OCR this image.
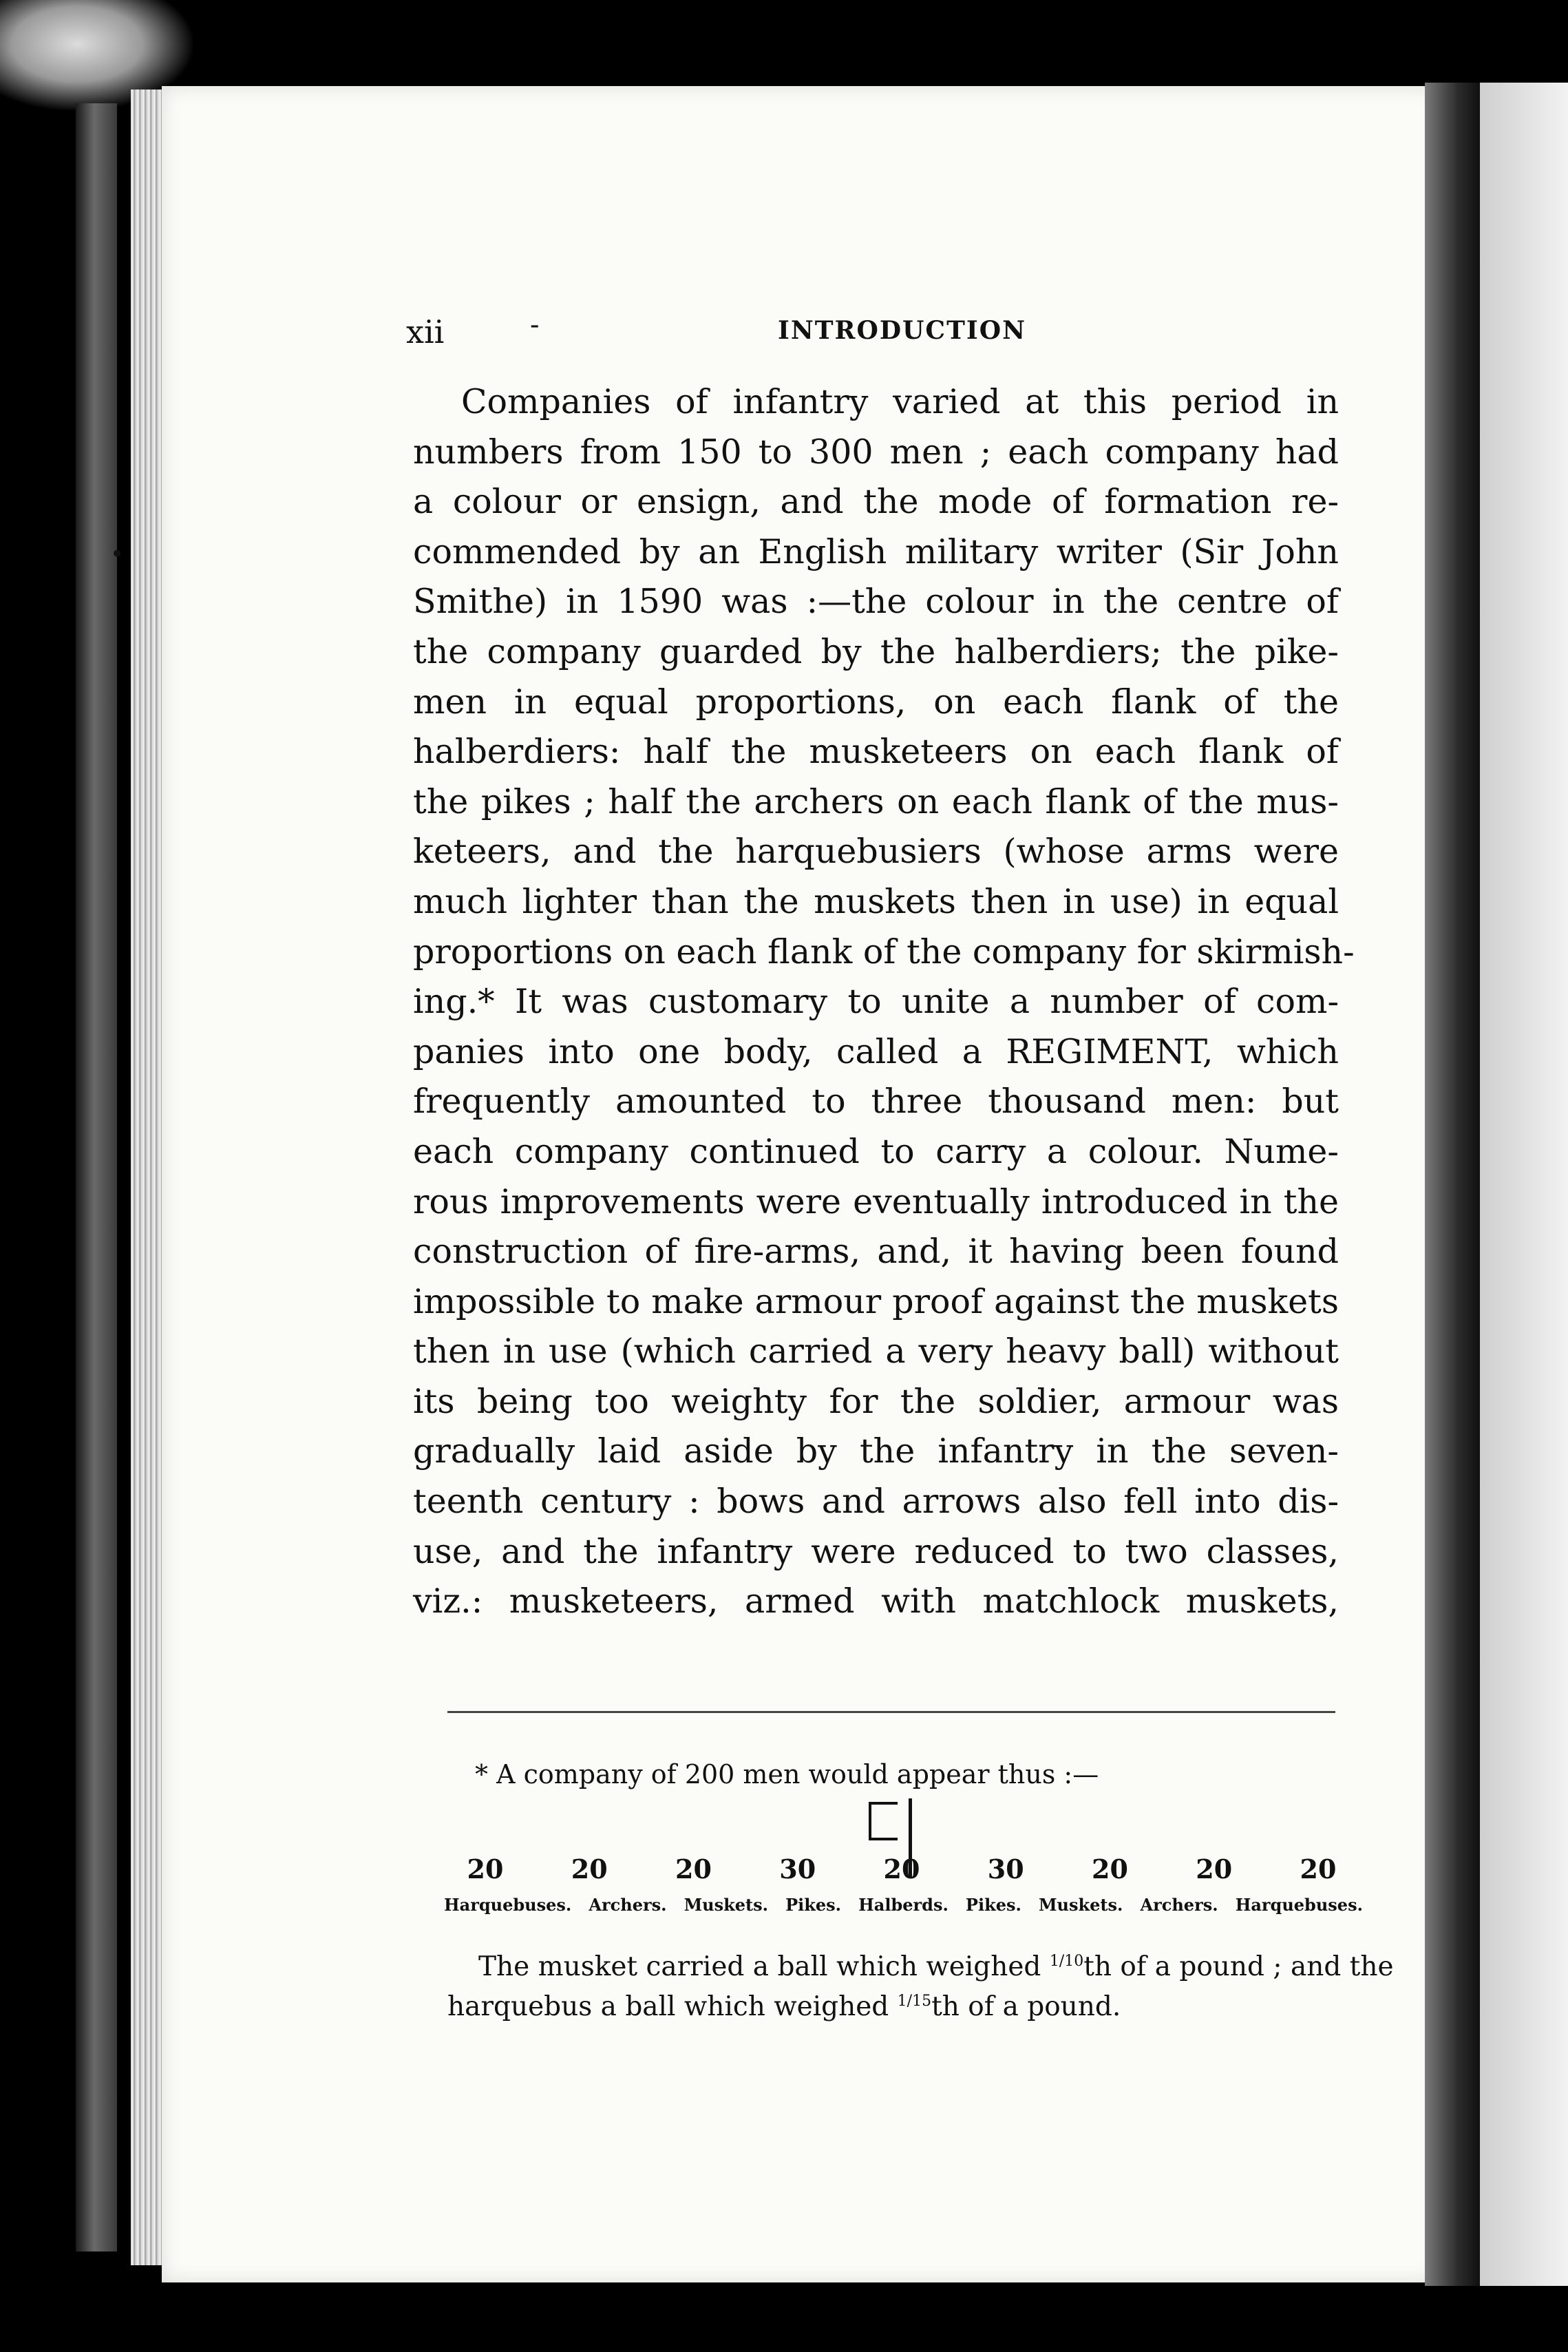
•
xii	-	INTRODUCTION
Companies of infantry varied at this period in
numbers from 150 to 300 men ; each company had
a colour or ensign, and the mode of formation re-
commended by an English military writer (Sir John
Smithe) in 1590 was :—the colour in the centre of
the company guarded by the halberdiers; the pike-
men in equal proportions, on each flank of the
halberdiers: half the musketeers on each flank of
the pikes ; half the archers on each flank of the mus-
keteers, and the harquebusiers (whose arms were
much lighter than the muskets then in use) in equal
proportions on each flank of the company for skirmish-
ing.* It was customary to unite a number of com-
panies into one body, called a REGIMENT, which
frequently amounted to three thousand men: but
each company continued to carry a colour. Nume-
rous improvements were eventually introduced in the
construction of fire-arms, and, it having been found
impossible to make armour proof against the muskets
then in use (which carried a very heavy ball) without
its being too weighty for the soldier, armour was
gradually laid aside by the infantry in the seven-
teenth century : bows and arrows also fell into dis-
use, and the infantry were reduced to two classes,
viz.: musketeers, armed with matchlock muskets,
* A company of 200 men would appear thus :—
20	20	20	30	20	30	20	20	20
Harquebuses. Archers. Muskets. Pikes. Halberds. Pikes. Muskets. Archers. Harquebuses.
The musket carried a ball which weighed $^{1/10}$th of a pound ; and the
harquebus a ball which weighed $^{1/15}$th of a pound.
